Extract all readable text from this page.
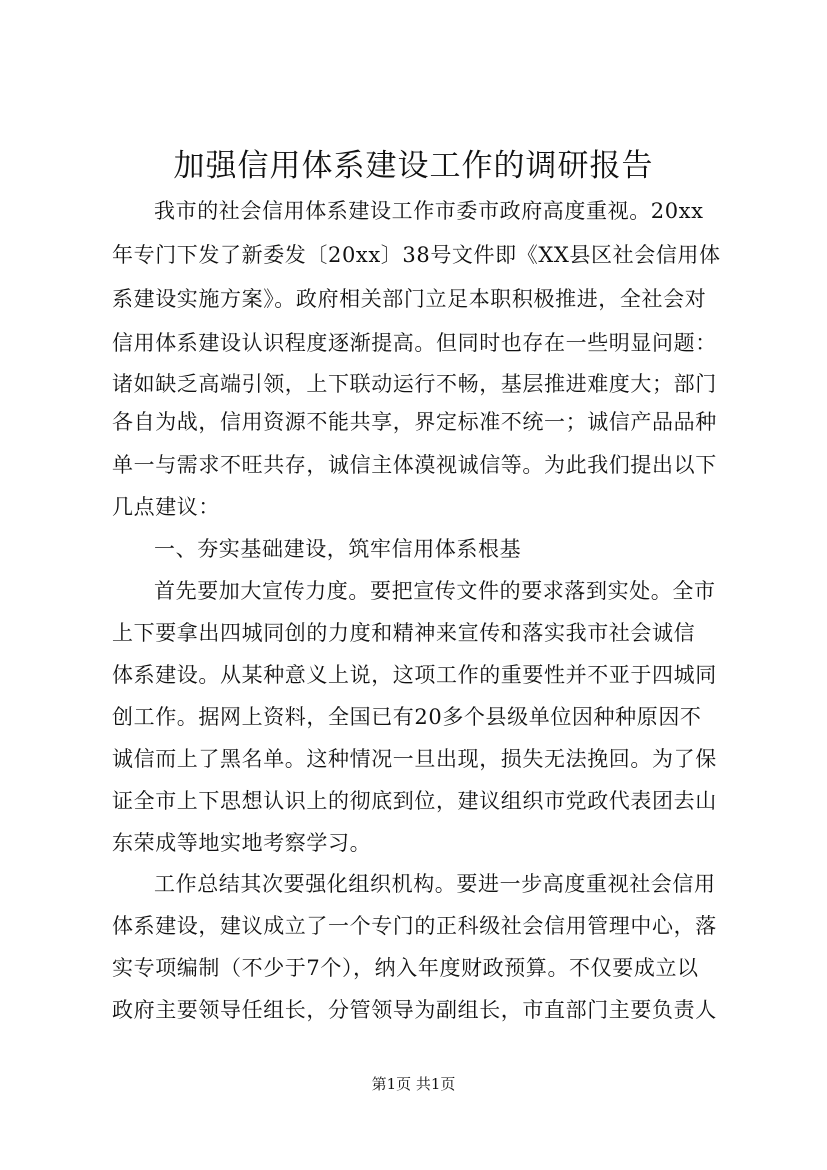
加强信用体系建设工作的调研报告
我市的社会信用体系建设工作市委市政府高度重视。20xx
年专门下发了新委发〔20xx〕38号文件即《XX县区社会信用体
系建设实施方案》。政府相关部门立足本职积极推进，全社会对
信用体系建设认识程度逐渐提高。但同时也存在一些明显问题：
诸如缺乏高端引领，上下联动运行不畅，基层推进难度大；部门
各自为战，信用资源不能共享，界定标准不统一；诚信产品品种
单一与需求不旺共存，诚信主体漠视诚信等。为此我们提出以下
几点建议：
一、夯实基础建设，筑牢信用体系根基
首先要加大宣传力度。要把宣传文件的要求落到实处。全市
上下要拿出四城同创的力度和精神来宣传和落实我市社会诚信
体系建设。从某种意义上说，这项工作的重要性并不亚于四城同
创工作。据网上资料，全国已有20多个县级单位因种种原因不
诚信而上了黑名单。这种情况一旦出现，损失无法挽回。为了保
证全市上下思想认识上的彻底到位，建议组织市党政代表团去山
东荣成等地实地考察学习。
工作总结其次要强化组织机构。要进一步高度重视社会信用
体系建设，建议成立了一个专门的正科级社会信用管理中心，落
实专项编制（不少于7个），纳入年度财政预算。不仅要成立以
政府主要领导任组长，分管领导为副组长，市直部门主要负责人
第1页 共1页
